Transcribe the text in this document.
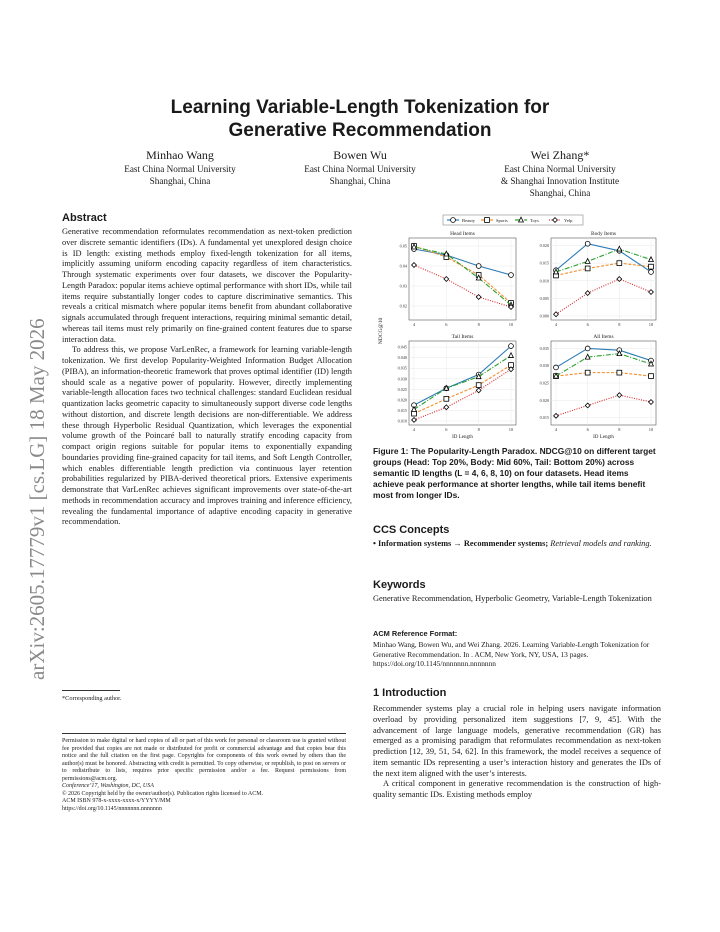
arXiv:2605.17779v1 [cs.LG] 18 May 2026
Learning Variable-Length Tokenization for
Generative Recommendation
Minhao Wang
East China Normal University
Shanghai, China
Bowen Wu
East China Normal University
Shanghai, China
Wei Zhang*
East China Normal University
& Shanghai Innovation Institute
Shanghai, China
Abstract

Generative recommendation reformulates recommendation as next-token prediction over discrete semantic identifiers (IDs). A fundamental yet unexplored design choice is ID length: existing methods employ fixed-length tokenization for all items, implicitly assuming uniform encoding capacity regardless of item characteristics. Through systematic experiments over four datasets, we discover the Popularity-Length Paradox: popular items achieve optimal performance with short IDs, while tail items require substantially longer codes to capture discriminative semantics. This reveals a critical mismatch where popular items benefit from abundant collaborative signals accumulated through frequent interactions, requiring minimal semantic detail, whereas tail items must rely primarily on fine-grained content features due to sparse interaction data.

To address this, we propose VarLenRec, a framework for learning variable-length tokenization. We first develop Popularity-Weighted Information Budget Allocation (PIBA), an information-theoretic framework that proves optimal identifier (ID) length should scale as a negative power of popularity. However, directly implementing variable-length allocation faces two technical challenges: standard Euclidean residual quantization lacks geometric capacity to simultaneously support diverse code lengths without distortion, and discrete length decisions are non-differentiable. We address these through Hyperbolic Residual Quantization, which leverages the exponential volume growth of the Poincaré ball to naturally stratify encoding capacity from compact origin regions suitable for popular items to exponentially expanding boundaries providing fine-grained capacity for tail items, and Soft Length Controller, which enables differentiable length prediction via continuous layer retention probabilities regularized by PIBA-derived theoretical priors. Extensive experiments demonstrate that VarLenRec achieves significant improvements over state-of-the-art methods in recommendation accuracy and improves training and inference efficiency, revealing the fundamental importance of adaptive encoding capacity in generative recommendation.

*Corresponding author.
Permission to make digital or hard copies of all or part of this work for personal or classroom use is granted without fee provided that copies are not made or distributed for profit or commercial advantage and that copies bear this notice and the full citation on the first page. Copyrights for components of this work owned by others than the author(s) must be honored. Abstracting with credit is permitted. To copy otherwise, or republish, to post on servers or to redistribute to lists, requires prior specific permission and/or a fee. Request permissions from permissions@acm.org.
Conference’17, Washington, DC, USA
© 2026 Copyright held by the owner/author(s). Publication rights licensed to ACM.
ACM ISBN 978-x-xxxx-xxxx-x/YYYY/MM
https://doi.org/10.1145/nnnnnnn.nnnnnnn
Beauty	Sports	Toys	Yelp
NDCG@10
Head Items
0.02
0.03
0.04
0.05
4	6	8	10
Body Items
0.000
0.005
0.010
0.015
0.020
4	6	8	10
Tail Items
0.010
0.015
0.020
0.025
0.030
0.035
0.040
0.045
4	6	8	10
ID Length
All Items
0.015
0.020
0.025
0.030
0.035
4	6	8	10
ID Length
Figure 1: The Popularity-Length Paradox. NDCG@10 on different target groups (Head: Top 20%, Body: Mid 60%, Tail: Bottom 20%) across semantic ID lengths (L = 4, 6, 8, 10) on four datasets. Head items achieve peak performance at shorter lengths, while tail items benefit most from longer IDs.
CCS Concepts

• Information systems → Recommender systems; Retrieval models and ranking.

Keywords

Generative Recommendation, Hyperbolic Geometry, Variable-Length Tokenization

ACM Reference Format:

Minhao Wang, Bowen Wu, and Wei Zhang. 2026. Learning Variable-Length Tokenization for Generative Recommendation. In . ACM, New York, NY, USA, 13 pages. https://doi.org/10.1145/nnnnnnn.nnnnnnn

1 Introduction

Recommender systems play a crucial role in helping users navigate information overload by providing personalized item suggestions [7, 9, 45]. With the advancement of large language models, generative recommendation (GR) has emerged as a promising paradigm that reformulates recommendation as next-token prediction [12, 39, 51, 54, 62]. In this framework, the model receives a sequence of item semantic IDs representing a user’s interaction history and generates the IDs of the next item aligned with the user’s interests.

A critical component in generative recommendation is the construction of high-quality semantic IDs. Existing methods employ
